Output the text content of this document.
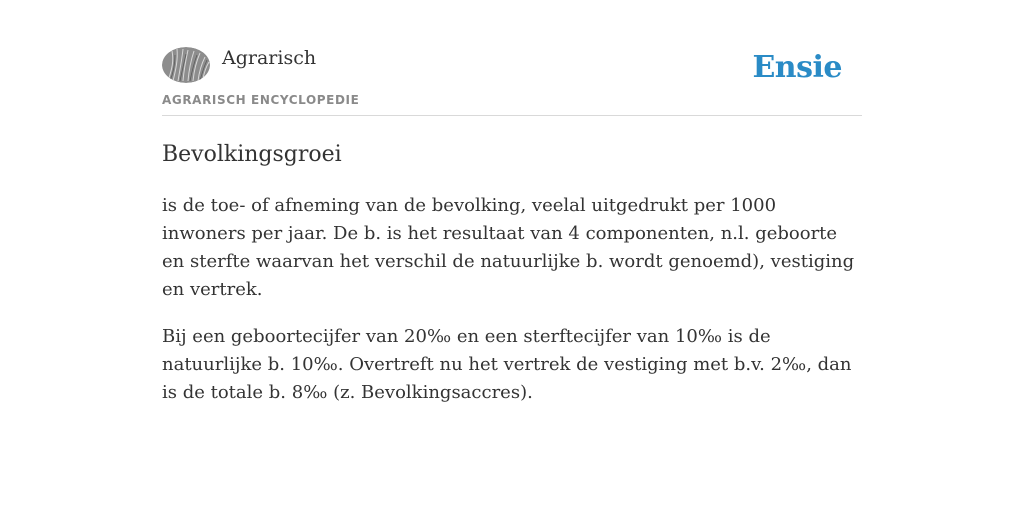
Agrarisch
AGRARISCH ENCYCLOPEDIE
Ensie
Bevolkingsgroei

is de toe- of afneming van de bevolking, veelal uitgedrukt per 1000 inwoners per jaar. De b. is het resultaat van 4 componenten, n.l. geboorte en sterfte waarvan het verschil de natuurlijke b. wordt genoemd), vestiging en vertrek.

Bij een geboortecijfer van 20‰ en een sterftecijfer van 10‰ is de natuurlijke b. 10‰. Overtreft nu het vertrek de vestiging met b.v. 2‰, dan is de totale b. 8‰ (z. Bevolkingsaccres).
